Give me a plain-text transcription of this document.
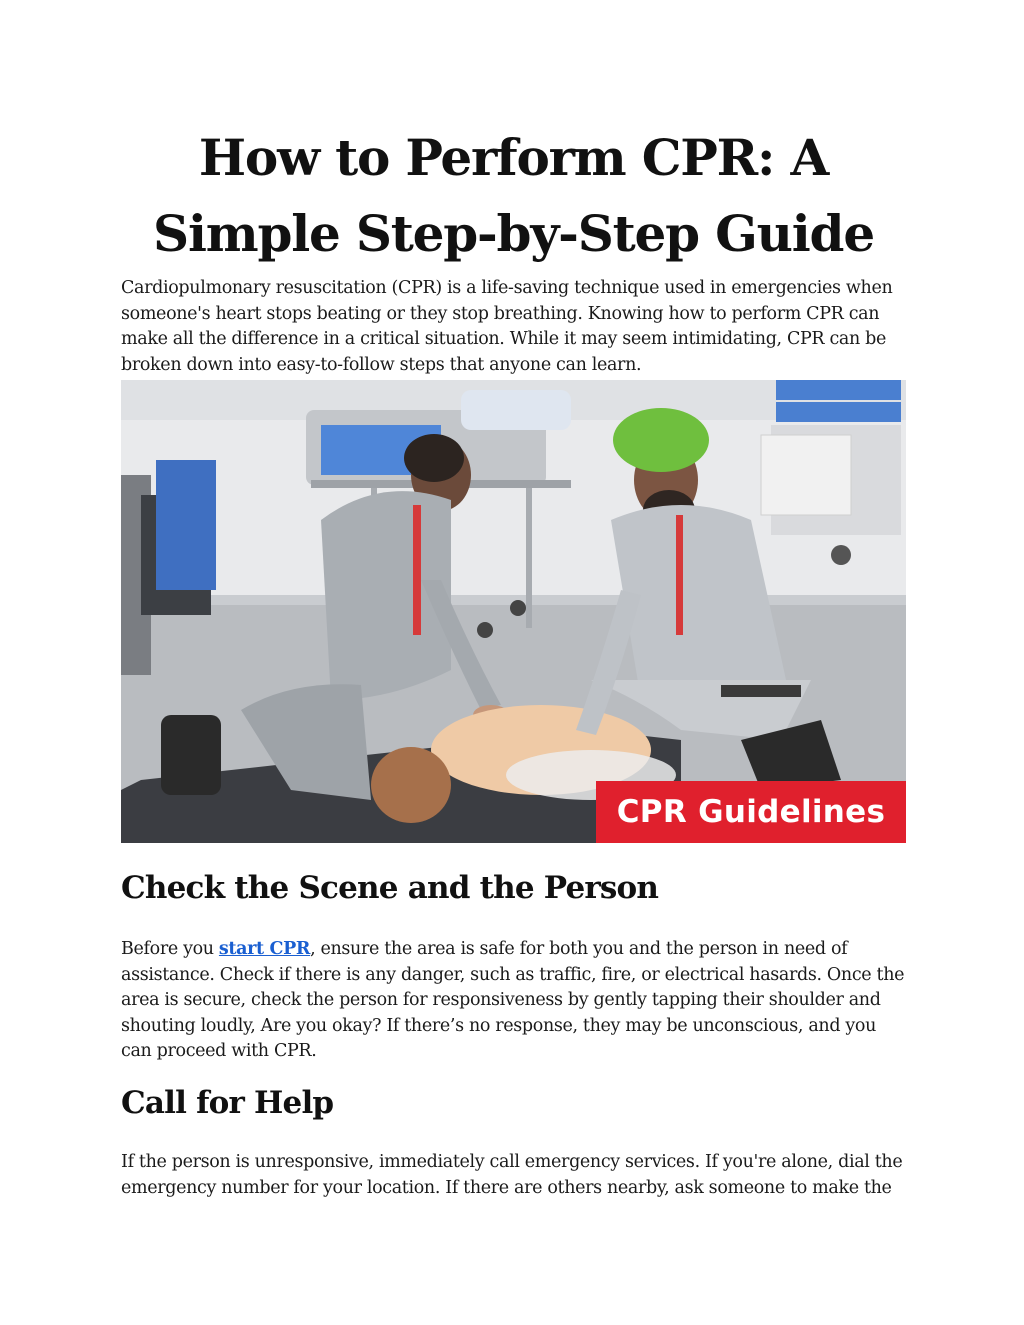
How to Perform CPR: A Simple Step-by-Step Guide

Cardiopulmonary resuscitation (CPR) is a life-saving technique used in emergencies when someone's heart stops beating or they stop breathing. Knowing how to perform CPR can make all the difference in a critical situation. While it may seem intimidating, CPR can be broken down into easy-to-follow steps that anyone can learn.

CPR Guidelines
Check the Scene and the Person

Before you start CPR, ensure the area is safe for both you and the person in need of assistance. Check if there is any danger, such as traffic, fire, or electrical hasards. Once the area is secure, check the person for responsiveness by gently tapping their shoulder and shouting loudly, Are you okay? If there’s no response, they may be unconscious, and you can proceed with CPR.

Call for Help

If the person is unresponsive, immediately call emergency services. If you're alone, dial the emergency number for your location. If there are others nearby, ask someone to make the
